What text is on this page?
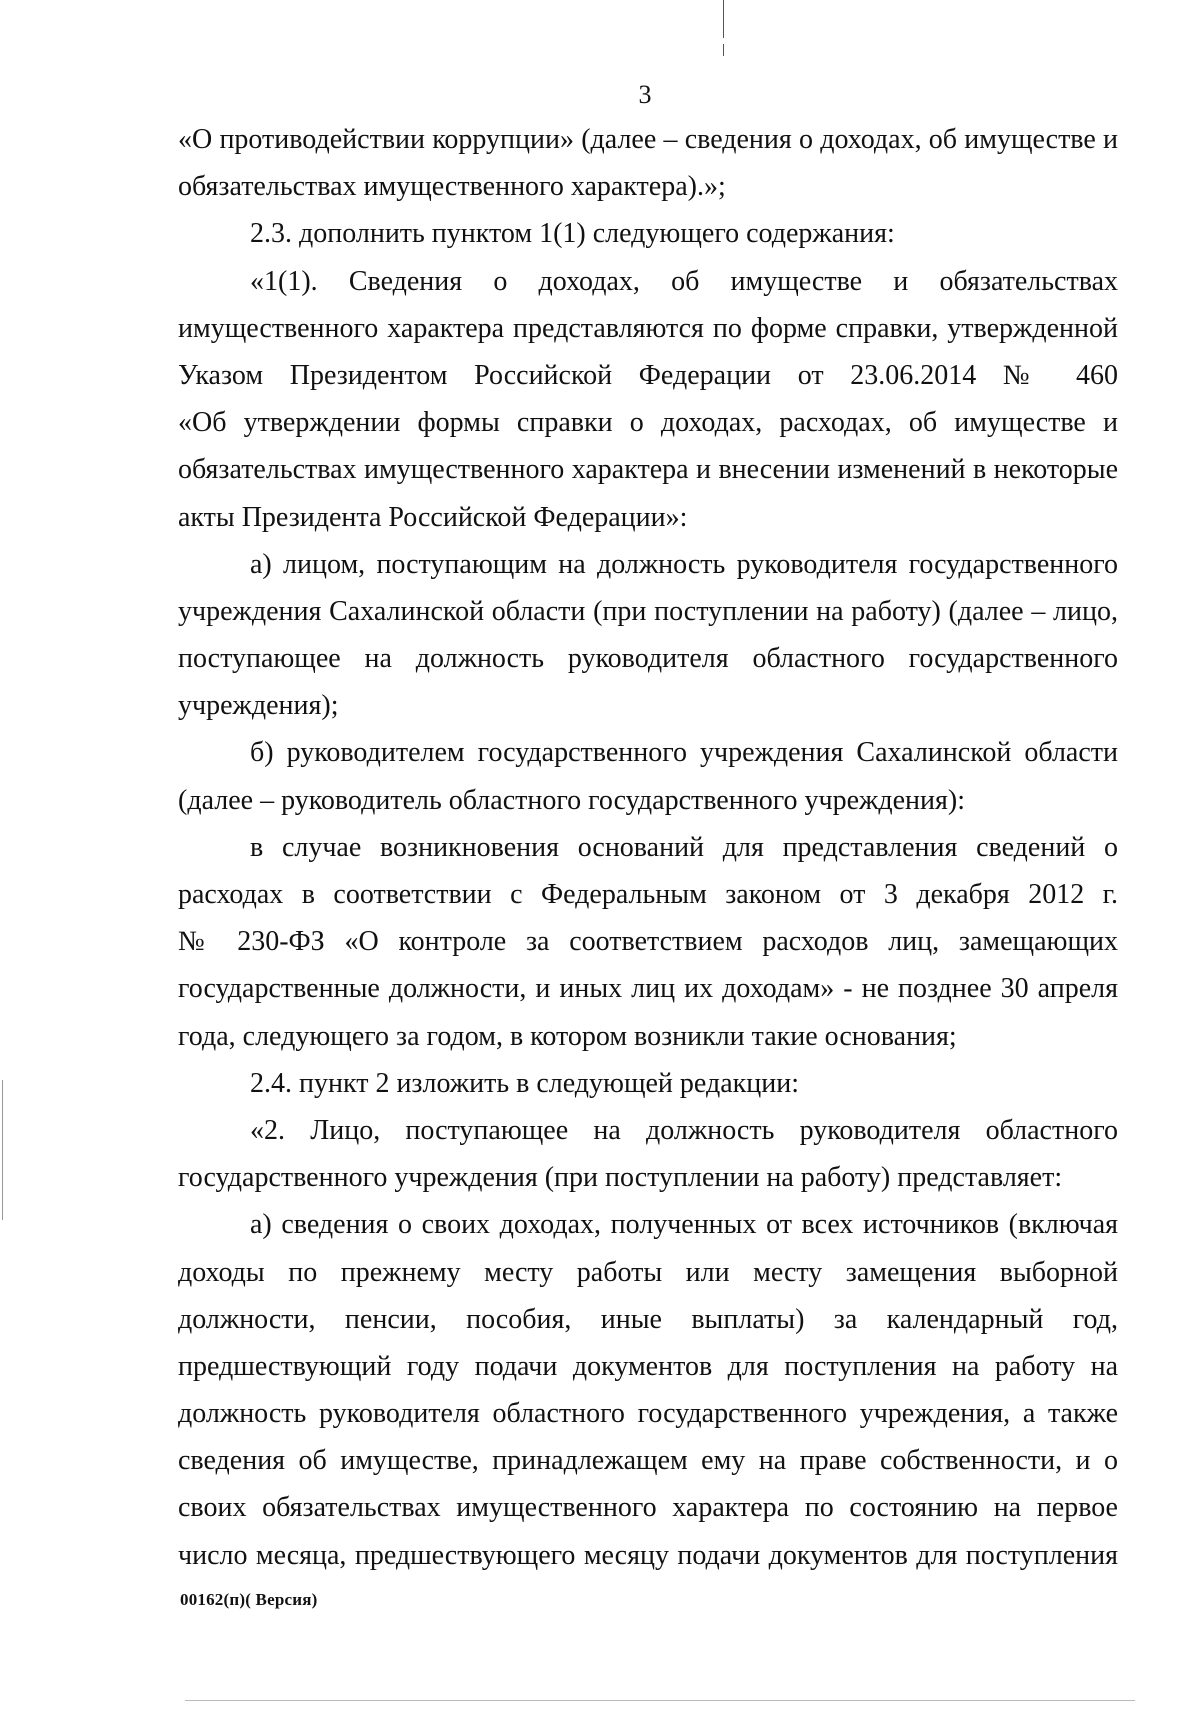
3
«О противодействии коррупции» (далее – сведения о доходах, об имуществе и
обязательствах имущественного характера).»;
2.3. дополнить пунктом 1(1) следующего содержания:
«1(1). Сведения о доходах, об имуществе и обязательствах
имущественного характера представляются по форме справки, утвержденной
Указом Президентом Российской Федерации от 23.06.2014 № 460
«Об утверждении формы справки о доходах, расходах, об имуществе и
обязательствах имущественного характера и внесении изменений в некоторые
акты Президента Российской Федерации»:
а) лицом, поступающим на должность руководителя государственного
учреждения Сахалинской области (при поступлении на работу) (далее – лицо,
поступающее на должность руководителя областного государственного
учреждения);
б) руководителем государственного учреждения Сахалинской области
(далее – руководитель областного государственного учреждения):
в случае возникновения оснований для представления сведений о
расходах в соответствии с Федеральным законом от 3 декабря 2012 г.
№ 230-ФЗ «О контроле за соответствием расходов лиц, замещающих
государственные должности, и иных лиц их доходам» - не позднее 30 апреля
года, следующего за годом, в котором возникли такие основания;
2.4. пункт 2 изложить в следующей редакции:
«2. Лицо, поступающее на должность руководителя областного
государственного учреждения (при поступлении на работу) представляет:
а) сведения о своих доходах, полученных от всех источников (включая
доходы по прежнему месту работы или месту замещения выборной
должности, пенсии, пособия, иные выплаты) за календарный год,
предшествующий году подачи документов для поступления на работу на
должность руководителя областного государственного учреждения, а также
сведения об имуществе, принадлежащем ему на праве собственности, и о
своих обязательствах имущественного характера по состоянию на первое
число месяца, предшествующего месяцу подачи документов для поступления
00162(п)( Версия)
